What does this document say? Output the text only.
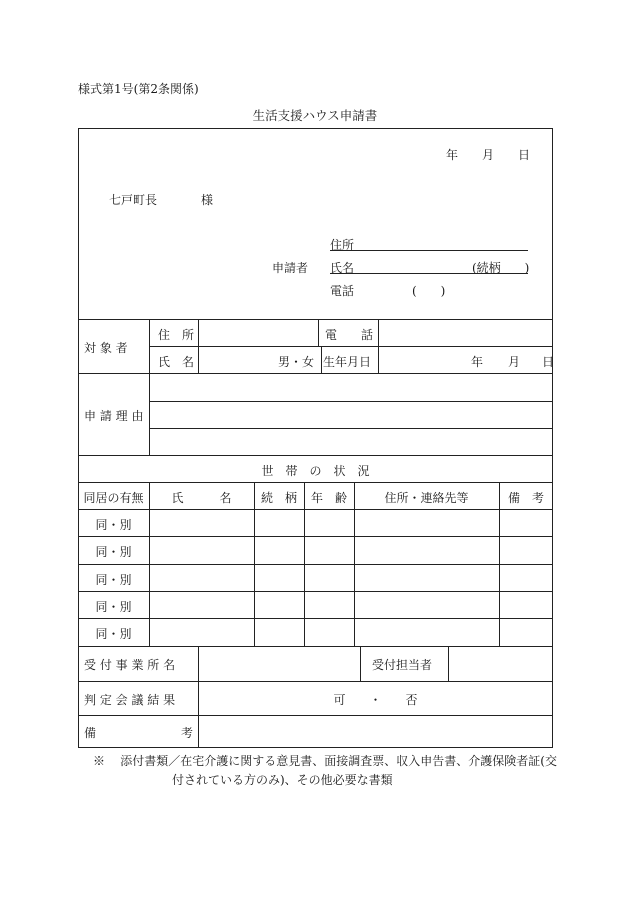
様式第1号(第2条関係)
生活支援ハウス申請書
年 月 日
七戸町長	様
申請者
住所
氏名	(続柄　　)
電話	(　　)
対 象 者
住　所	電　　話
氏　名	男・女 生年月日	年 月 日
申 請 理 由
世　帯　の　状　況
同居の有無	氏　　　名	続　柄	年　齢	住所・連絡先等	備　考
同・別
同・別
同・別
同・別
同・別
受 付 事 業 所 名	受付担当者
判 定 会 議 結 果	可　　・　　否
備	考
※ 添付書類／在宅介護に関する意見書、面接調査票、収入申告書、介護保険者証(交
付されている方のみ)、その他必要な書類
